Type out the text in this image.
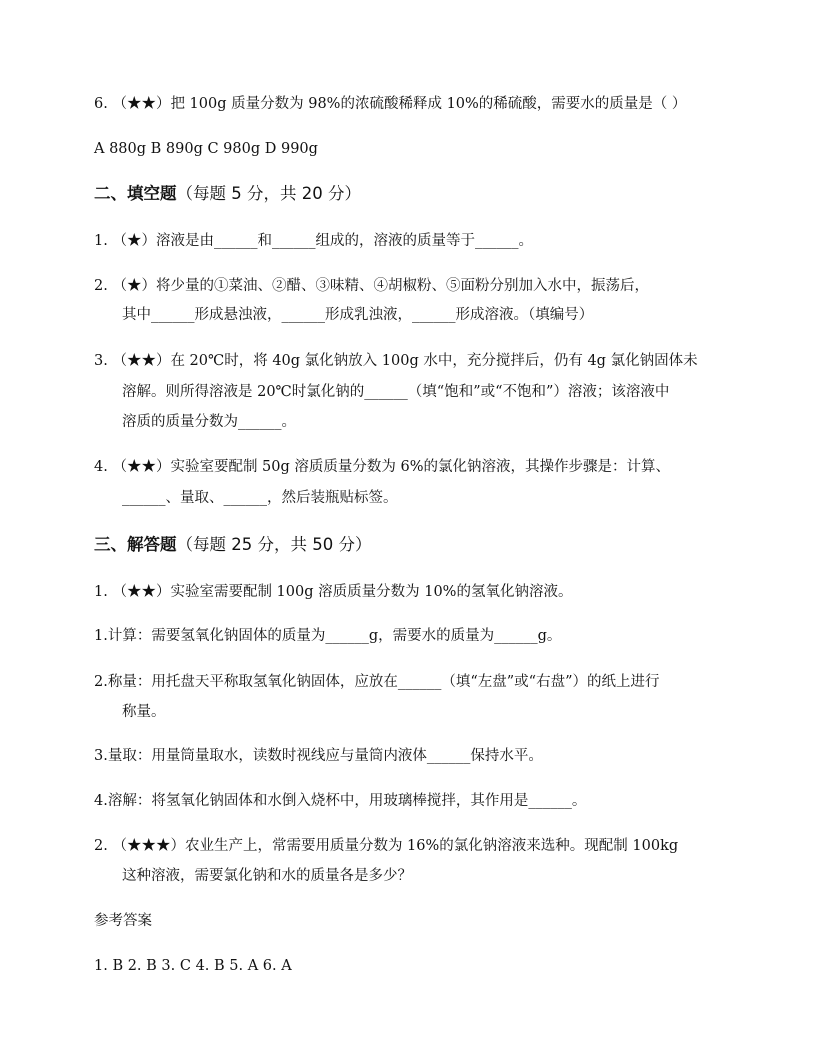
6. （★★）把 100g 质量分数为 98%的浓硫酸稀释成 10%的稀硫酸，需要水的质量是（ ）
A 880g B 890g C 980g D 990g
二、填空题（每题 5 分，共 20 分）
1. （★）溶液是由______和______组成的，溶液的质量等于______。
2. （★）将少量的①菜油、②醋、③味精、④胡椒粉、⑤面粉分别加入水中，振荡后，
其中______形成悬浊液，______形成乳浊液，______形成溶液。（填编号）
3. （★★）在 20℃时，将 40g 氯化钠放入 100g 水中，充分搅拌后，仍有 4g 氯化钠固体未
溶解。则所得溶液是 20℃时氯化钠的______（填“饱和”或“不饱和”）溶液；该溶液中
溶质的质量分数为______。
4. （★★）实验室要配制 50g 溶质质量分数为 6%的氯化钠溶液，其操作步骤是：计算、
______、量取、______，然后装瓶贴标签。
三、解答题（每题 25 分，共 50 分）
1. （★★）实验室需要配制 100g 溶质质量分数为 10%的氢氧化钠溶液。
1.计算：需要氢氧化钠固体的质量为______g，需要水的质量为______g。
2.称量：用托盘天平称取氢氧化钠固体，应放在______（填“左盘”或“右盘”）的纸上进行
称量。
3.量取：用量筒量取水，读数时视线应与量筒内液体______保持水平。
4.溶解：将氢氧化钠固体和水倒入烧杯中，用玻璃棒搅拌，其作用是______。
2. （★★★）农业生产上，常需要用质量分数为 16%的氯化钠溶液来选种。现配制 100kg
这种溶液，需要氯化钠和水的质量各是多少？
参考答案
1. B 2. B 3. C 4. B 5. A 6. A
